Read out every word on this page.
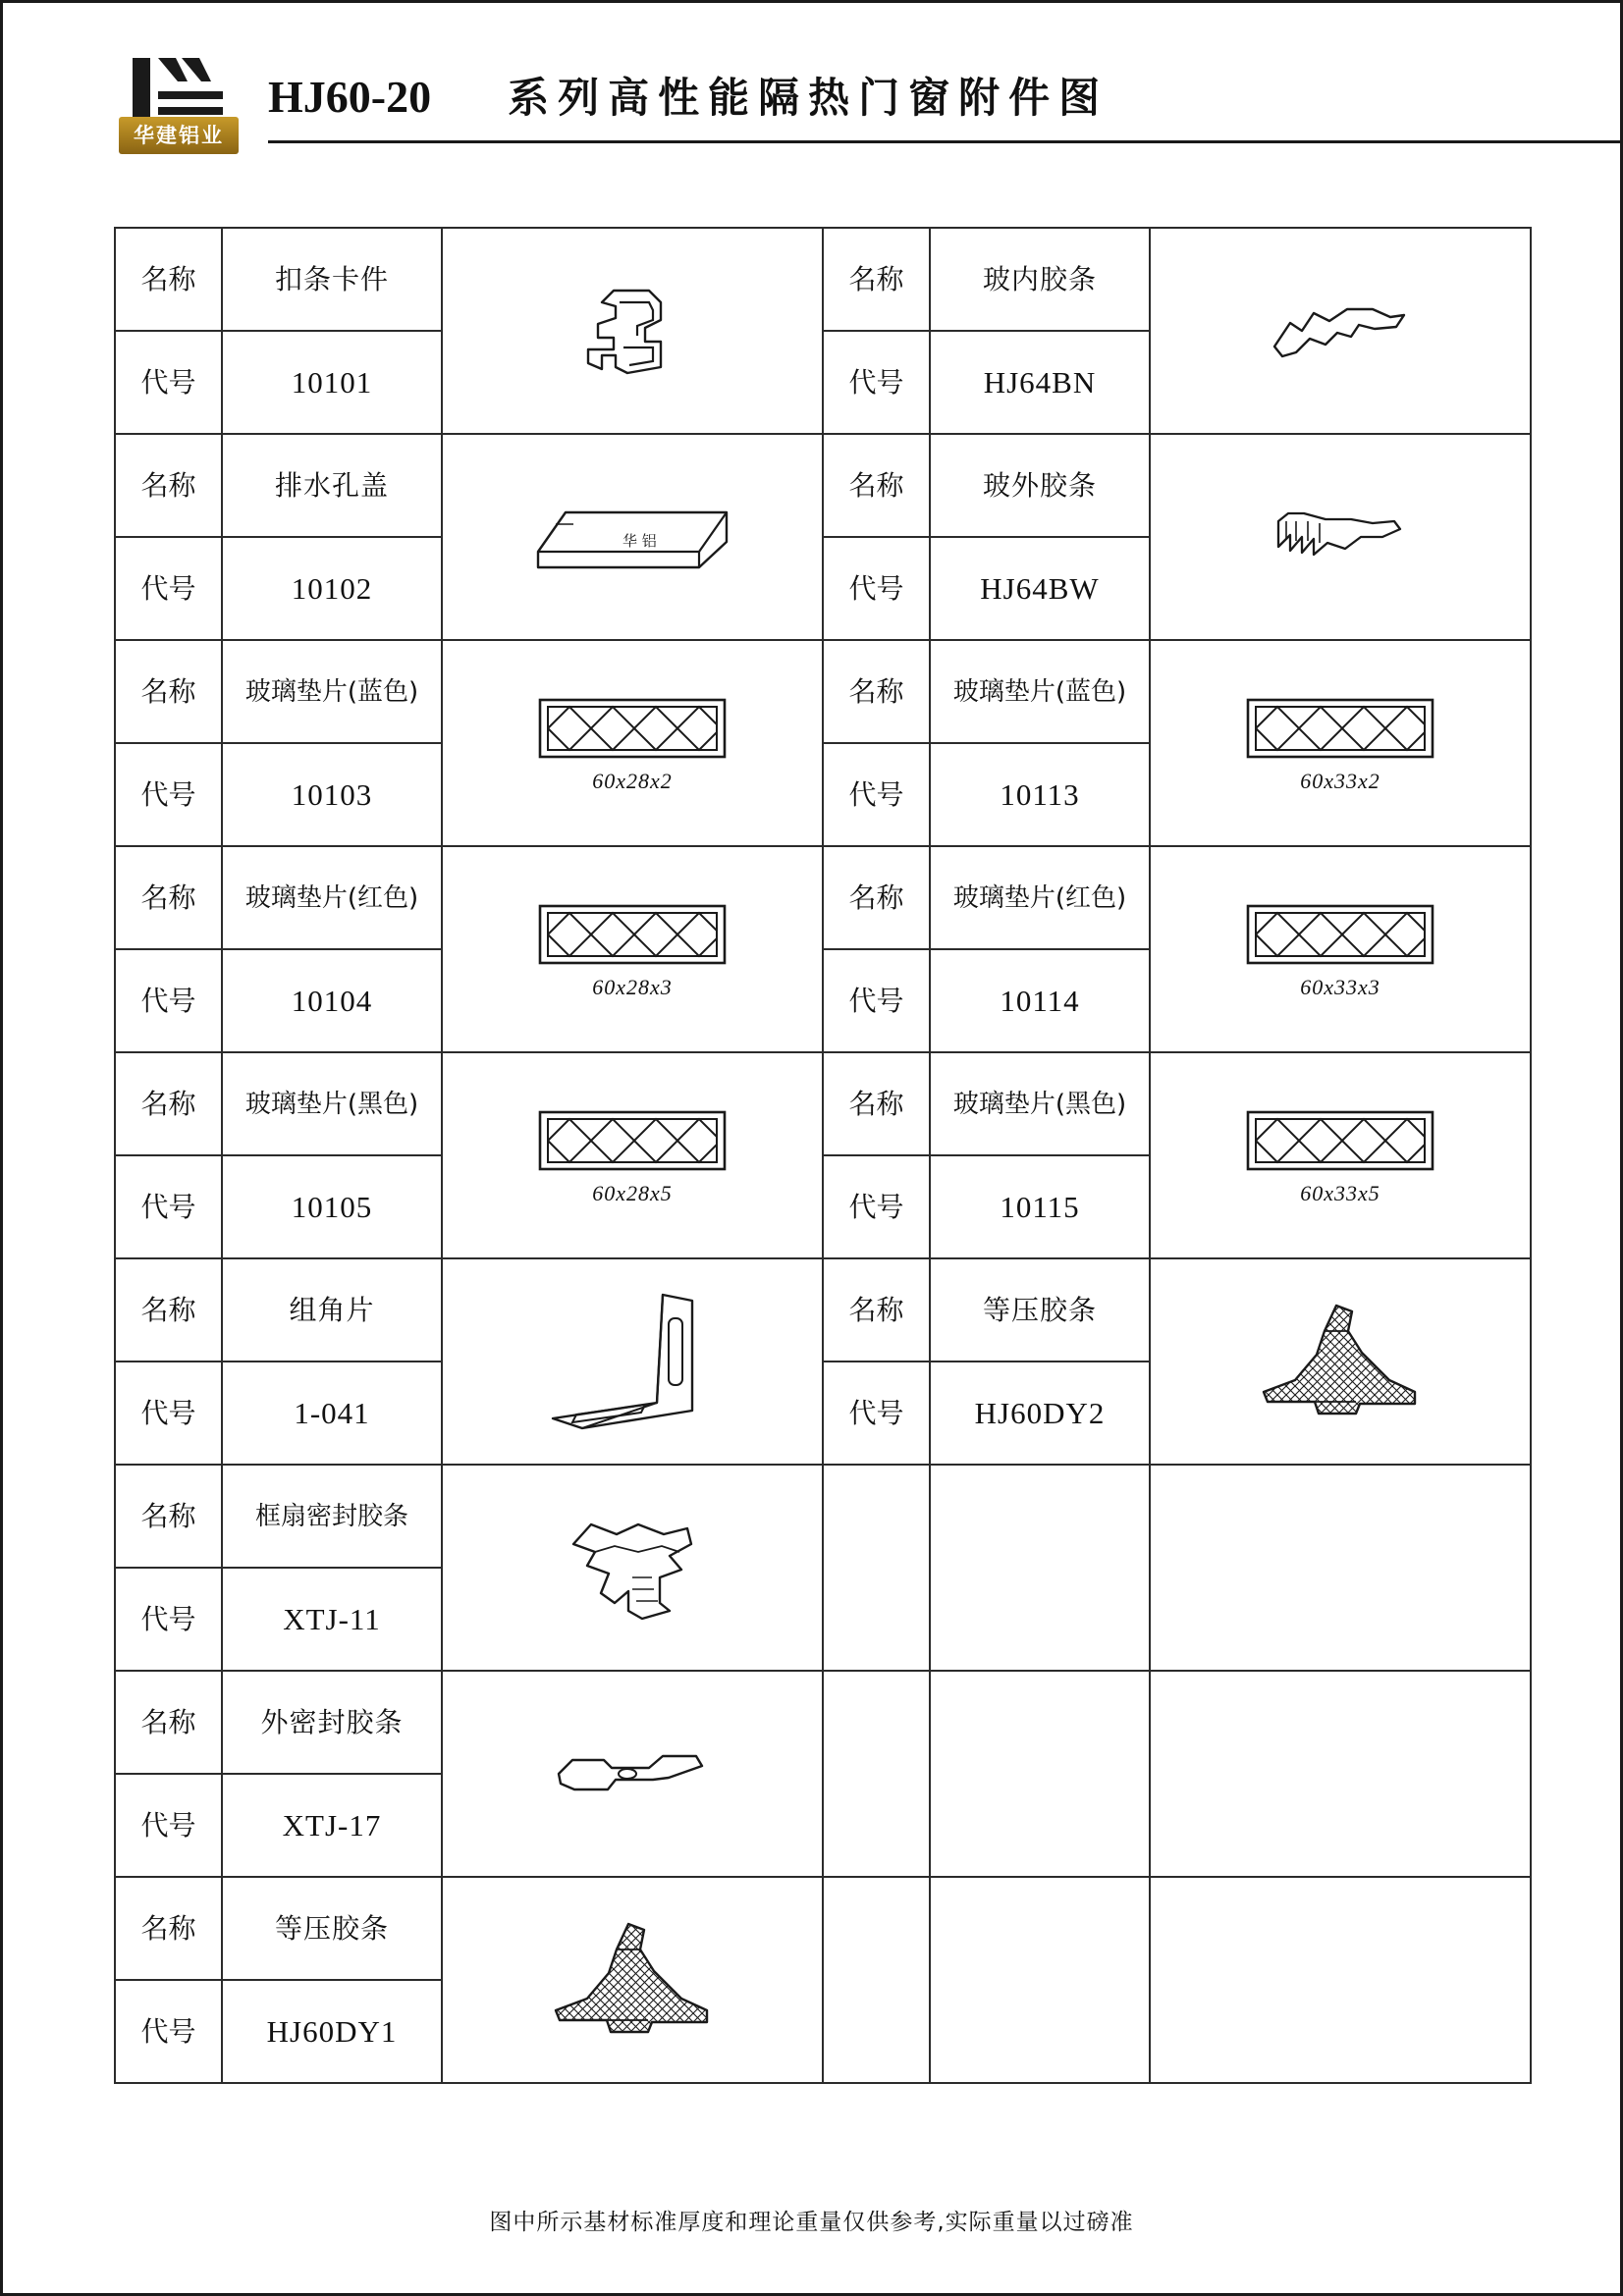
华建铝业
HJ60-20 系列高性能隔热门窗附件图
名称	扣条卡件		名称	玻内胶条	

代号	10101		代号	HJ64BN	
名称	排水孔盖	华 铝	名称	玻外胶条	

代号	10102		代号	HJ64BW	
名称	玻璃垫片(蓝色)	60x28x2	名称	玻璃垫片(蓝色)	60x33x2

代号	10103		代号	10113	
名称	玻璃垫片(红色)	60x28x3	名称	玻璃垫片(红色)	60x33x3

代号	10104		代号	10114	
名称	玻璃垫片(黑色)	60x28x5	名称	玻璃垫片(黑色)	60x33x5

代号	10105		代号	10115	
名称	组角片		名称	等压胶条	

代号	1-041		代号	HJ60DY2	
名称	框扇密封胶条	

代号	XTJ-11				
名称	外密封胶条	

代号	XTJ-17				
名称	等压胶条	

代号	HJ60DY1				
图中所示基材标准厚度和理论重量仅供参考,实际重量以过磅准
